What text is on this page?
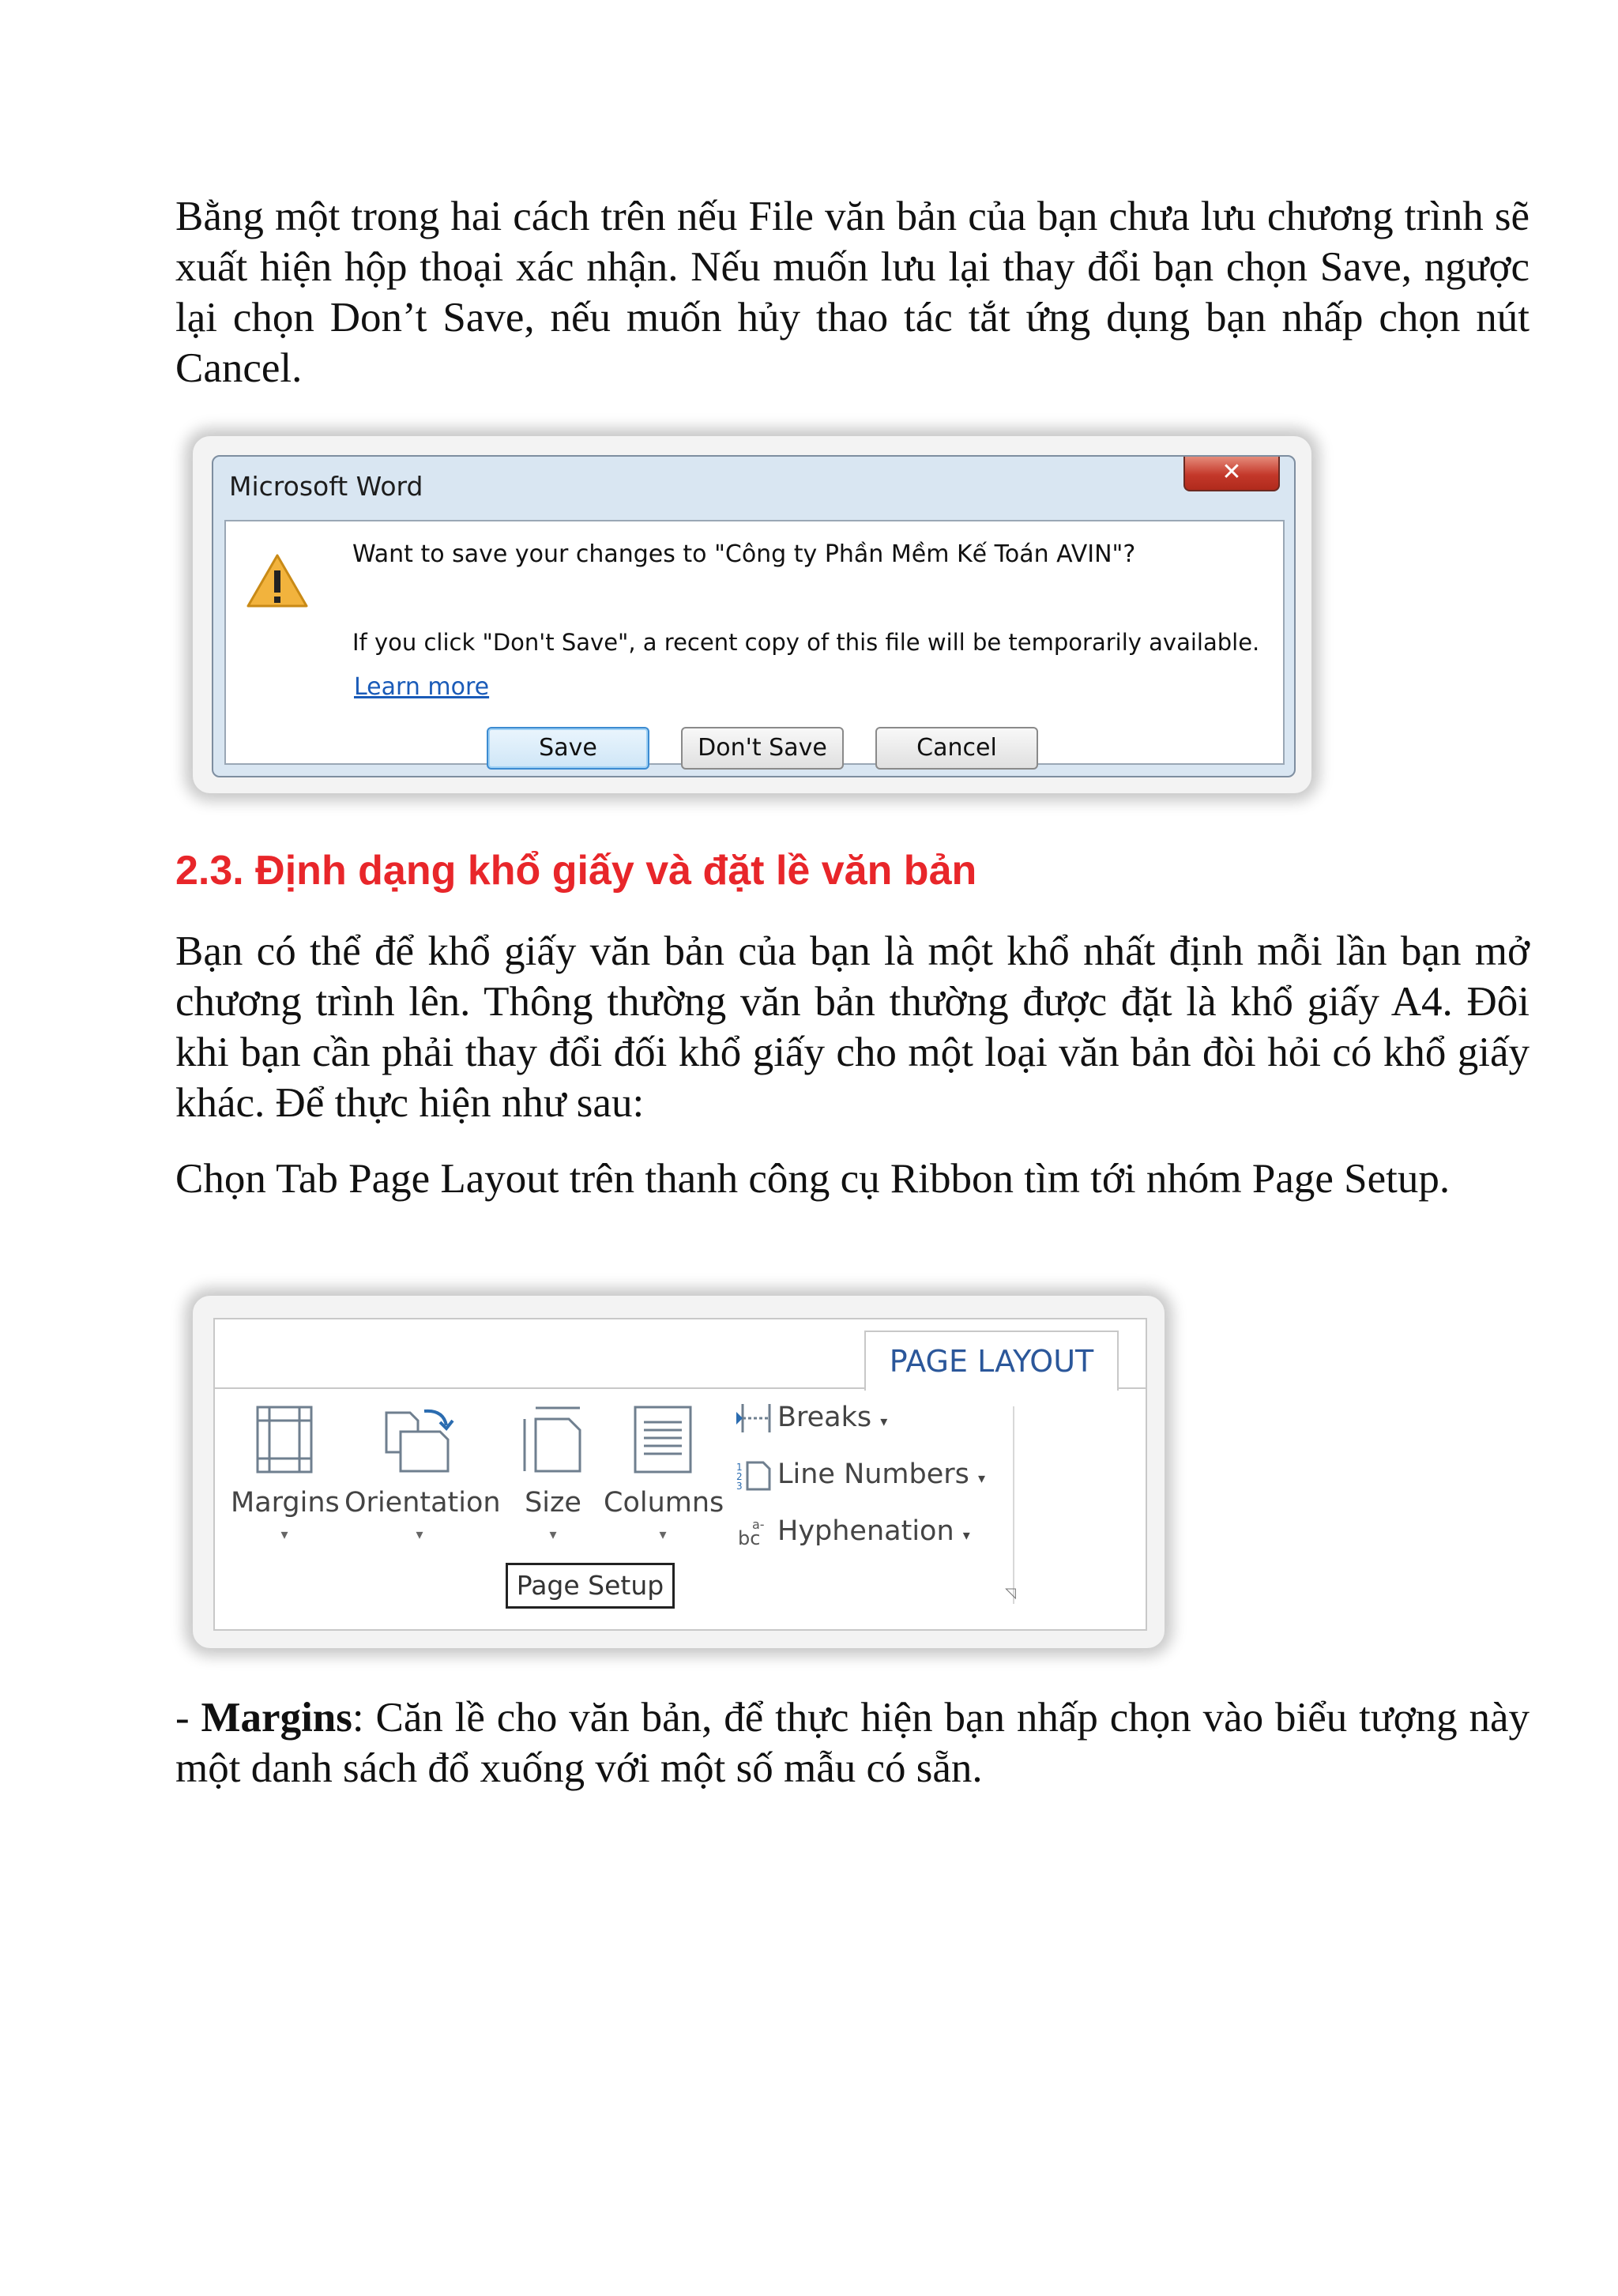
Bằng một trong hai cách trên nếu File văn bản của bạn chưa lưu chương trình sẽ xuất hiện hộp thoại xác nhận. Nếu muốn lưu lại thay đổi bạn chọn Save, ngược lại chọn Don’t Save, nếu muốn hủy thao tác tắt ứng dụng bạn nhấp chọn nút Cancel.

Microsoft Word	✕
Want to save your changes to "Công ty Phần Mềm Kế Toán AVIN"?
If you click "Don't Save", a recent copy of this file will be temporarily available.
Learn more
Save	Don't Save	Cancel
2.3. Định dạng khổ giấy và đặt lề văn bản

Bạn có thể để khổ giấy văn bản của bạn là một khổ nhất định mỗi lần bạn mở chương trình lên. Thông thường văn bản thường được đặt là khổ giấy A4. Đôi khi bạn cần phải thay đổi đối khổ giấy cho một loại văn bản đòi hỏi có khổ giấy khác. Để thực hiện như sau:

Chọn Tab Page Layout trên thanh công cụ Ribbon tìm tới nhóm Page Setup.

PAGE LAYOUT
Margins
▾
Orientation
▾
Size
▾
Columns
▾
Breaks ▾
1
2
3 Line Numbers ▾
bc
a- Hyphenation ▾
Page Setup	◹

- Margins: Căn lề cho văn bản, để thực hiện bạn nhấp chọn vào biểu tượng này một danh sách đổ xuống với một số mẫu có sẵn.
